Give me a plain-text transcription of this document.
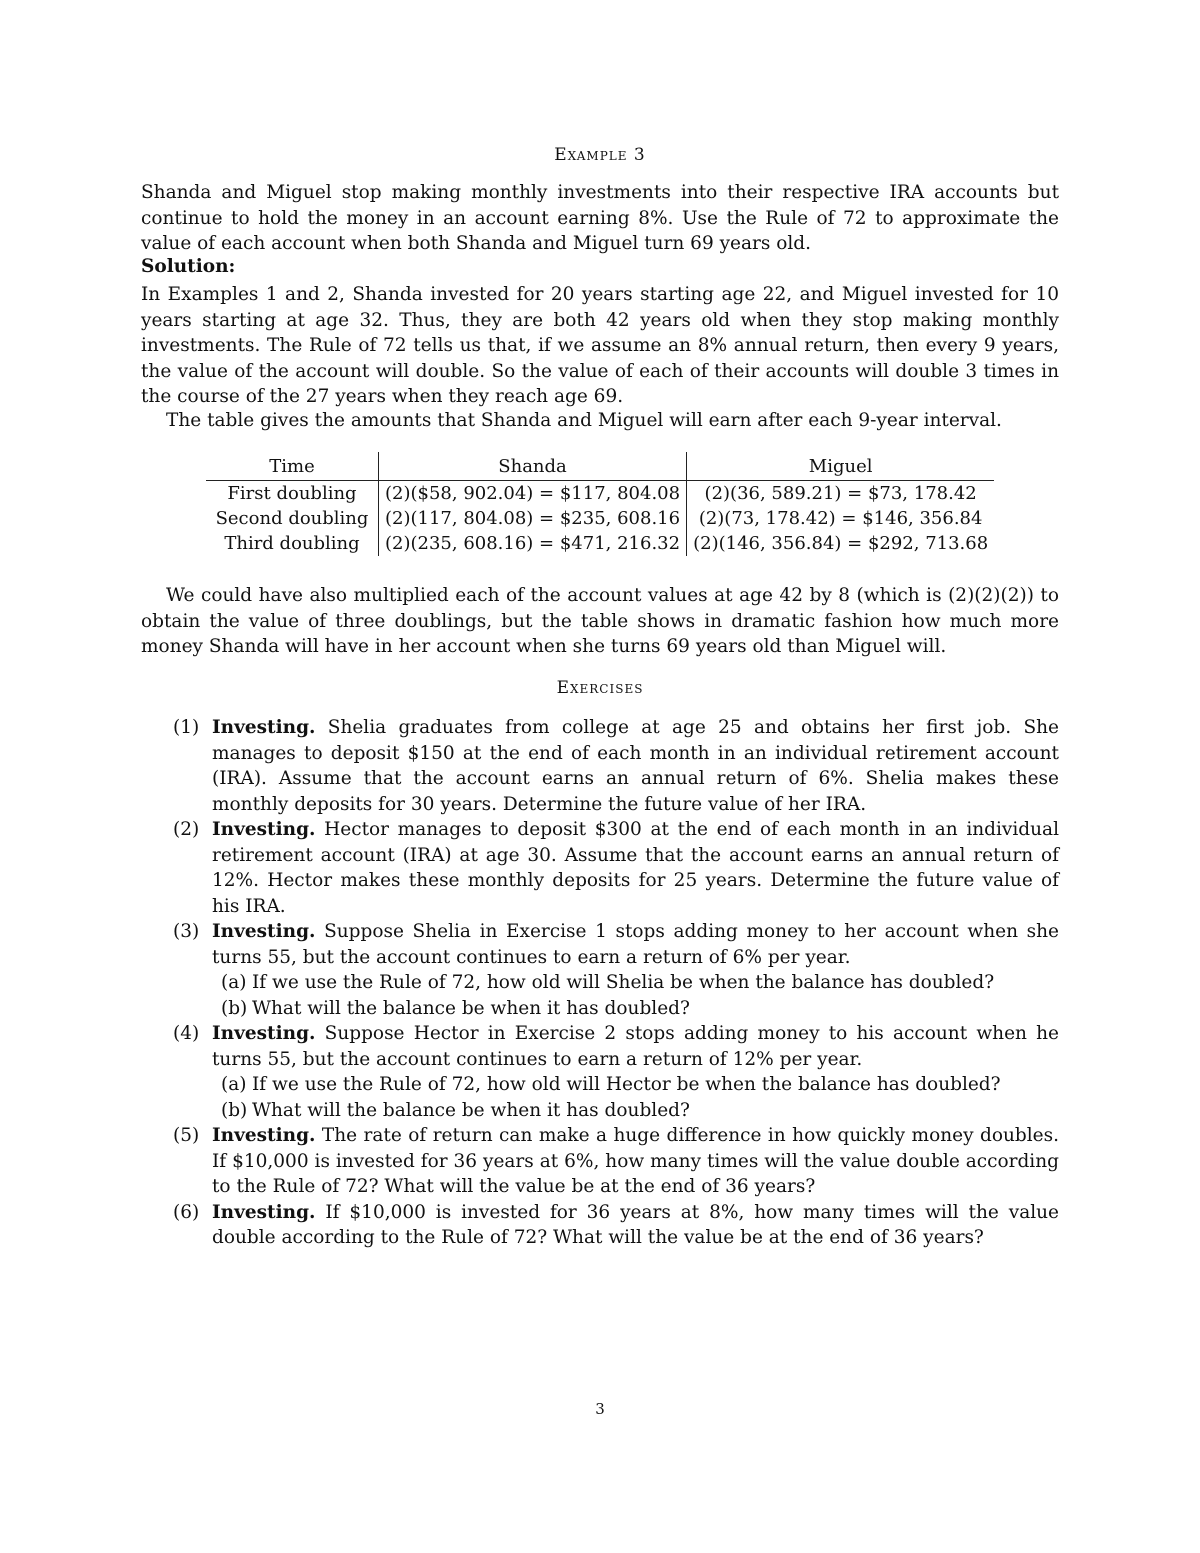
Example 3

Shanda and Miguel stop making monthly investments into their respective IRA accounts but continue to hold the money in an account earning 8%. Use the Rule of 72 to approximate the value of each account when both Shanda and Miguel turn 69 years old.

Solution:

In Examples 1 and 2, Shanda invested for 20 years starting age 22, and Miguel invested for 10 years starting at age 32. Thus, they are both 42 years old when they stop making monthly investments. The Rule of 72 tells us that, if we assume an 8% annual return, then every 9 years, the value of the account will double. So the value of each of their accounts will double 3 times in the course of the 27 years when they reach age 69.

The table gives the amounts that Shanda and Miguel will earn after each 9-year interval.
Time	Shanda	Miguel
First doubling	(2)($58, 902.04) = $117, 804.08	(2)(36, 589.21) = $73, 178.42
Second doubling	(2)(117, 804.08) = $235, 608.16	(2)(73, 178.42) = $146, 356.84
Third doubling	(2)(235, 608.16) = $471, 216.32	(2)(146, 356.84) = $292, 713.68

We could have also multiplied each of the account values at age 42 by 8 (which is (2)(2)(2)) to obtain the value of three doublings, but the table shows in dramatic fashion how much more money Shanda will have in her account when she turns 69 years old than Miguel will.

Exercises
(1) Investing. Shelia graduates from college at age 25 and obtains her first job. She manages to deposit $150 at the end of each month in an individual retirement account (IRA). Assume that the account earns an annual return of 6%. Shelia makes these monthly deposits for 30 years. Determine the future value of her IRA.
(2) Investing. Hector manages to deposit $300 at the end of each month in an individual retirement account (IRA) at age 30. Assume that the account earns an annual return of 12%. Hector makes these monthly deposits for 25 years. Determine the future value of his IRA.
(3) Investing. Suppose Shelia in Exercise 1 stops adding money to her account when she turns 55, but the account continues to earn a return of 6% per year.
(a) If we use the Rule of 72, how old will Shelia be when the balance has doubled?
(b) What will the balance be when it has doubled?
(4) Investing. Suppose Hector in Exercise 2 stops adding money to his account when he turns 55, but the account continues to earn a return of 12% per year.
(a) If we use the Rule of 72, how old will Hector be when the balance has doubled?
(b) What will the balance be when it has doubled?
(5) Investing. The rate of return can make a huge difference in how quickly money doubles. If $10,000 is invested for 36 years at 6%, how many times will the value double according to the Rule of 72? What will the value be at the end of 36 years?
(6) Investing. If $10,000 is invested for 36 years at 8%, how many times will the value double according to the Rule of 72? What will the value be at the end of 36 years?
3
